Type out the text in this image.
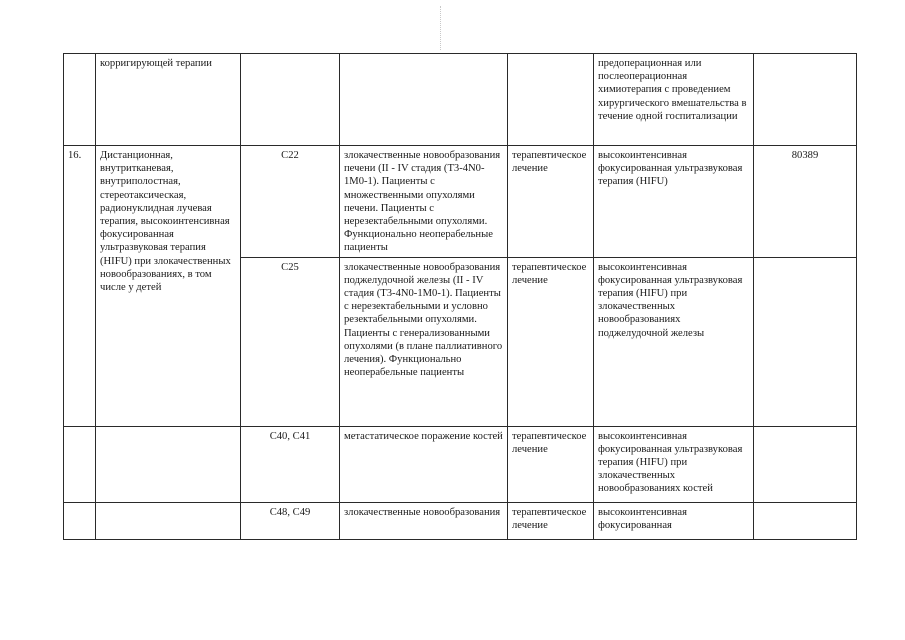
	корригирующей терапии				предоперационная или послеоперационная химиотерапия с проведением хирургического вмешательства в течение одной госпитализации	
16.	Дистанционная, внутритканевая, внутриполостная, стереотаксическая, радионуклидная лучевая терапия, высокоинтенсивная фокусированная ультразвуковая терапия (HIFU) при злокачественных новообразованиях, в том числе у детей	C22	злокачественные новообразования печени (II - IV стадия (T3-4N0-1M0-1). Пациенты с множественными опухолями печени. Пациенты с нерезектабельными опухолями. Функционально неоперабельные пациенты	терапевтическое лечение	высокоинтенсивная фокусированная ультразвуковая терапия (HIFU)	80389
		C25	злокачественные новообразования поджелудочной железы (II - IV стадия (T3-4N0-1M0-1). Пациенты с нерезектабельными и условно резектабельными опухолями. Пациенты с генерализованными опухолями (в плане паллиативного лечения). Функционально неоперабельные пациенты	терапевтическое лечение	высокоинтенсивная фокусированная ультразвуковая терапия (HIFU) при злокачественных новообразованиях поджелудочной железы	
		C40, C41	метастатическое поражение костей	терапевтическое лечение	высокоинтенсивная фокусированная ультразвуковая терапия (HIFU) при злокачественных новообразованиях костей	
		C48, C49	злокачественные новообразования	терапевтическое лечение	высокоинтенсивная фокусированная	
